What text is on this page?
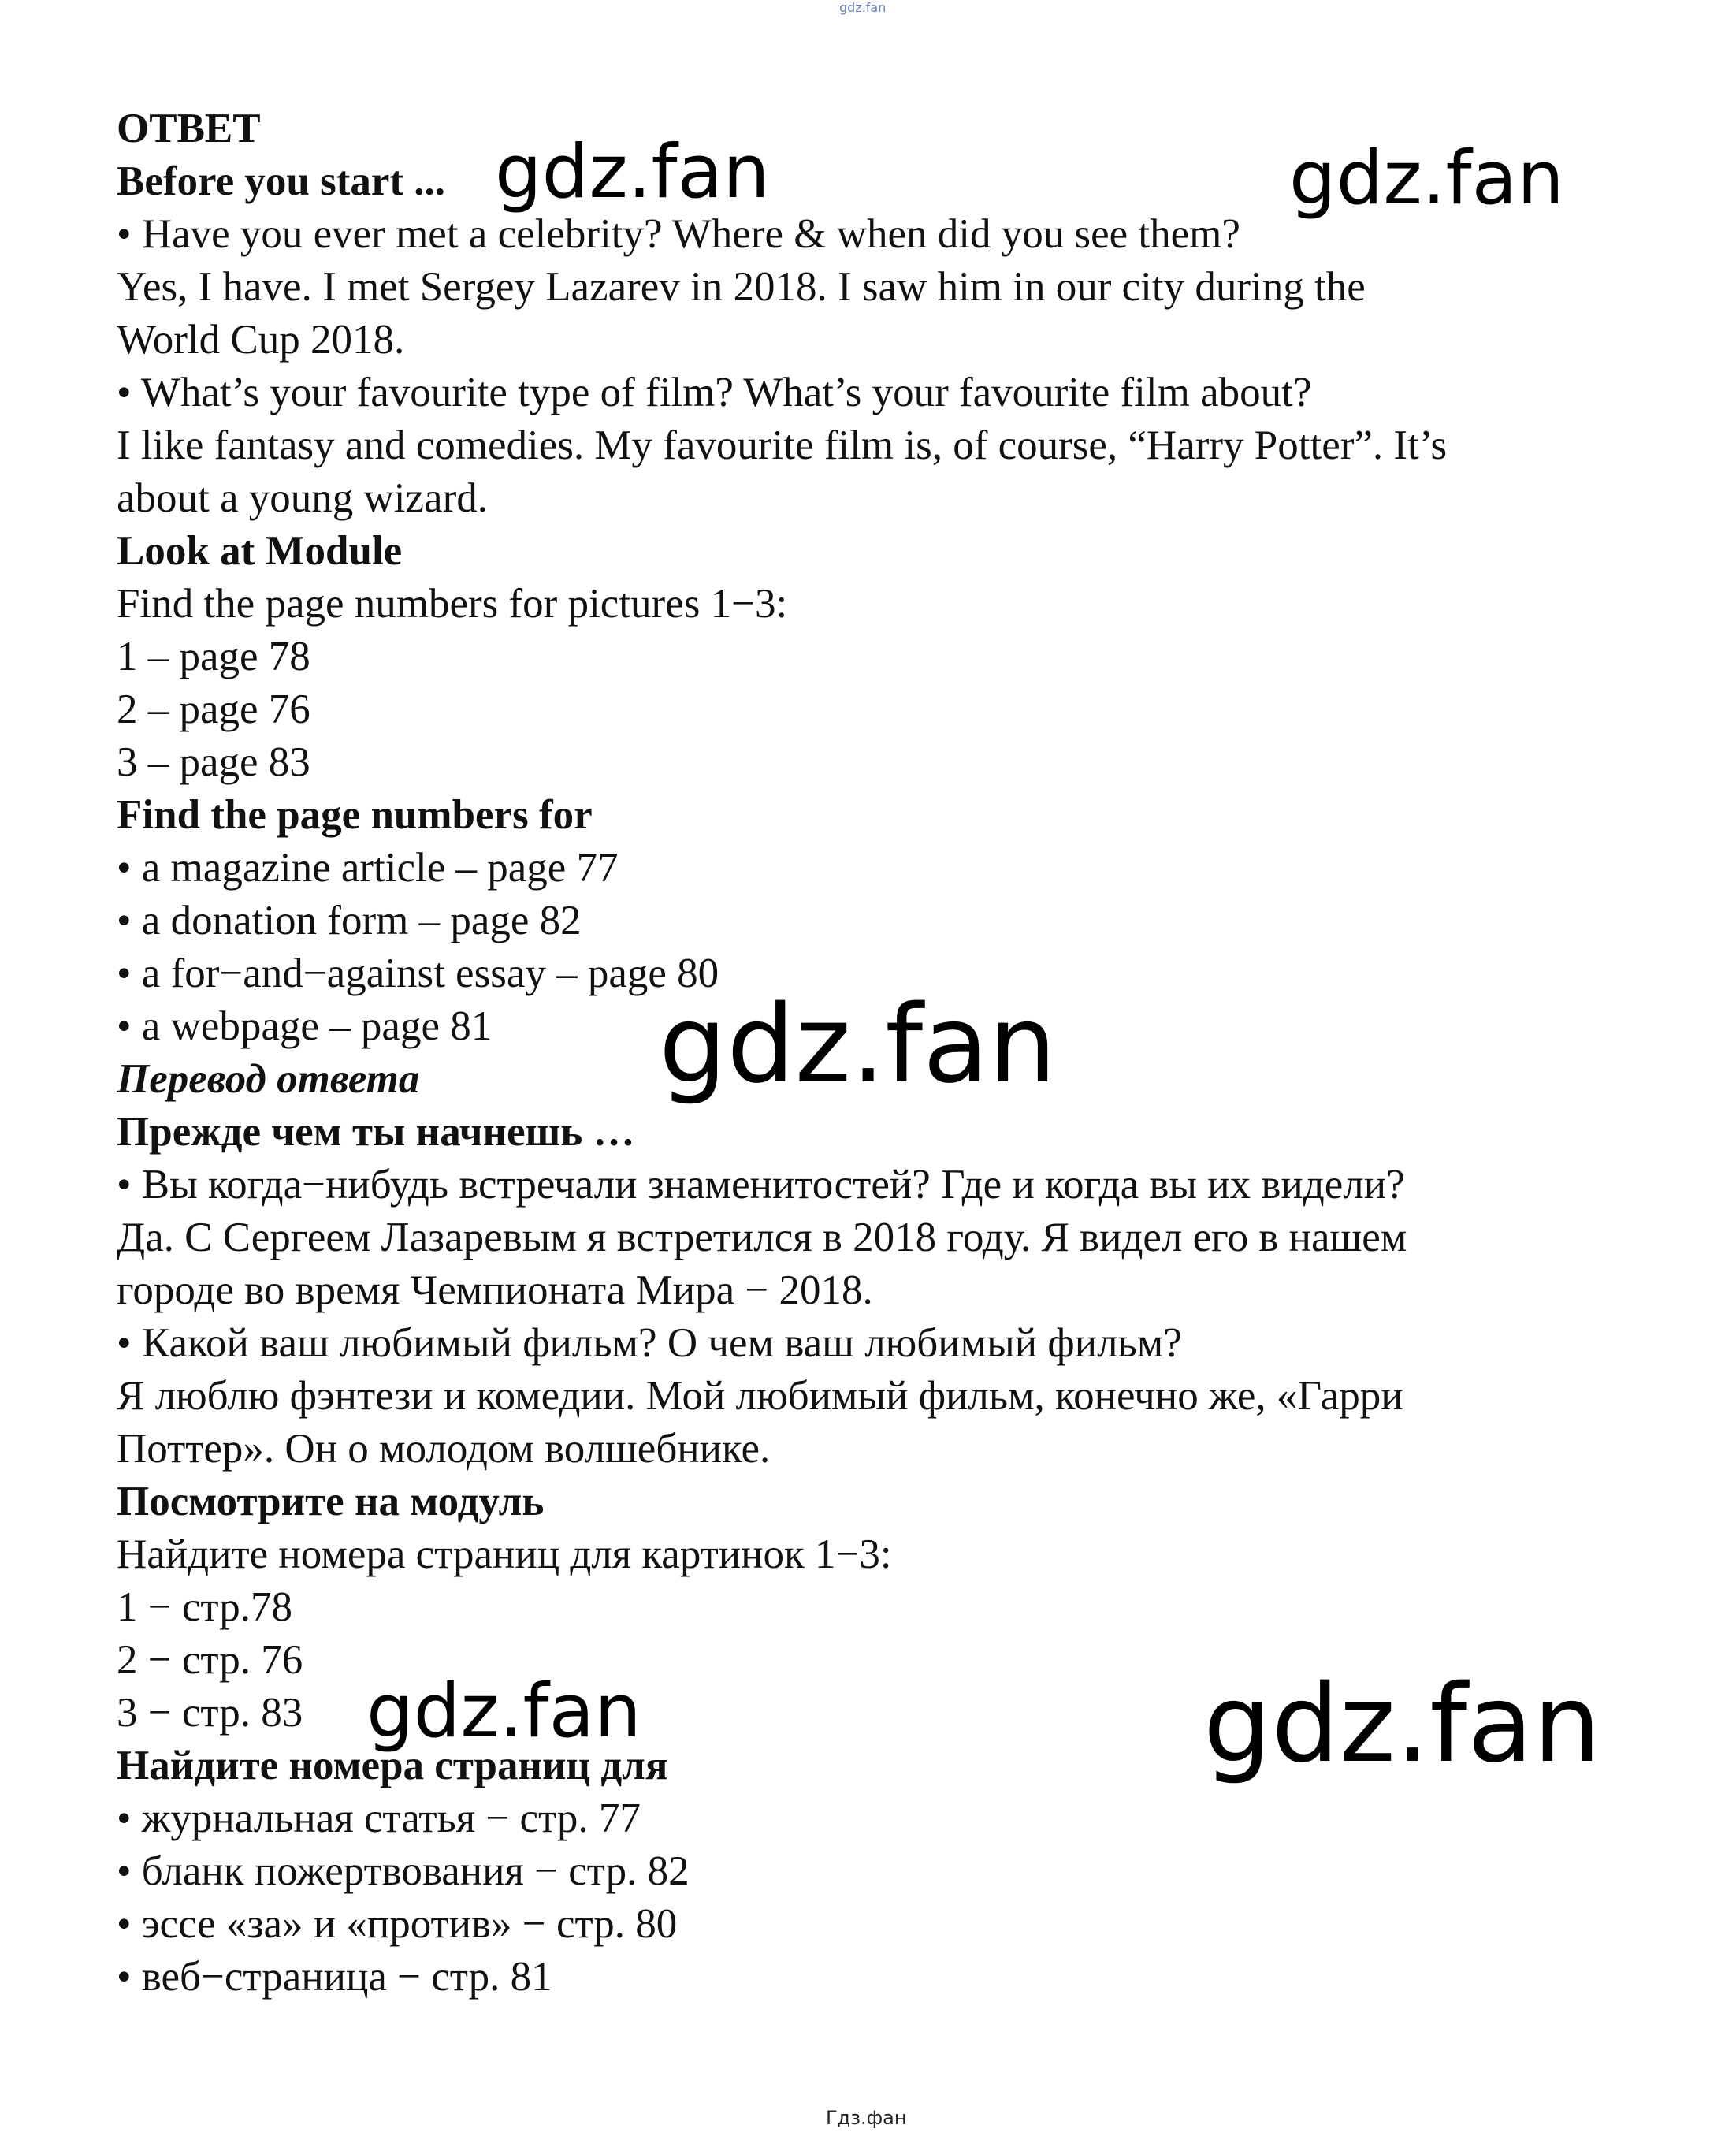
gdz.fan
ОТВЕТ
Before you start ...
• Have you ever met a celebrity? Where & when did you see them?
Yes, I have. I met Sergey Lazarev in 2018. I saw him in our city during the
World Cup 2018.
• What’s your favourite type of film? What’s your favourite film about?
I like fantasy and comedies. My favourite film is, of course, “Harry Potter”. It’s
about a young wizard.
Look at Module
Find the page numbers for pictures 1−3:
1 – page 78
2 – page 76
3 – page 83
Find the page numbers for
• a magazine article – page 77
• a donation form – page 82
• a for−and−against essay – page 80
• a webpage – page 81
Перевод ответа
Прежде чем ты начнешь …
• Вы когда−нибудь встречали знаменитостей? Где и когда вы их видели?
Да. С Сергеем Лазаревым я встретился в 2018 году. Я видел его в нашем
городе во время Чемпионата Мира − 2018.
• Какой ваш любимый фильм? О чем ваш любимый фильм?
Я люблю фэнтези и комедии. Мой любимый фильм, конечно же, «Гарри
Поттер». Он о молодом волшебнике.
Посмотрите на модуль
Найдите номера страниц для картинок 1−3:
1 − стр.78
2 − стр. 76
3 − стр. 83
Найдите номера страниц для
• журнальная статья − стр. 77
• бланк пожертвования − стр. 82
• эссе «за» и «против» − стр. 80
• веб−страница − стр. 81
gdz.fan	gdz.fan
gdz.fan
gdz.fan	gdz.fan
Гдз.фан
